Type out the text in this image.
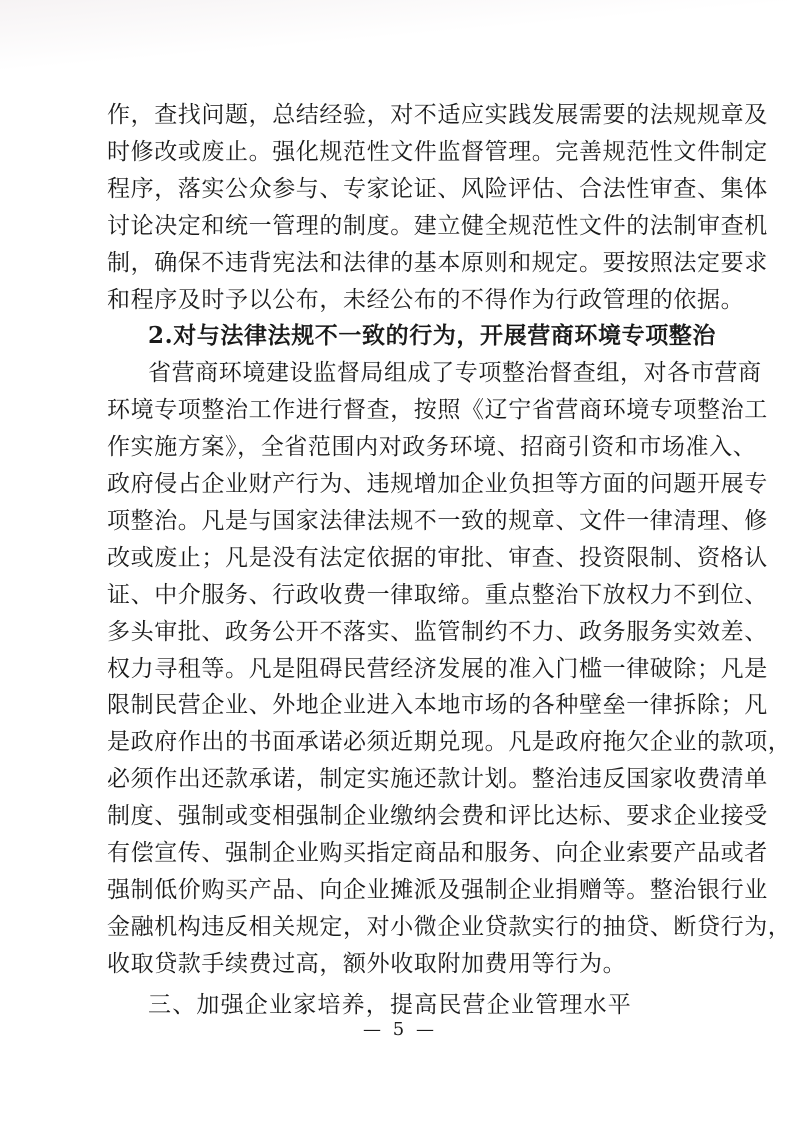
作，查找问题，总结经验，对不适应实践发展需要的法规规章及
时修改或废止。强化规范性文件监督管理。完善规范性文件制定
程序，落实公众参与、专家论证、风险评估、合法性审查、集体
讨论决定和统一管理的制度。建立健全规范性文件的法制审查机
制，确保不违背宪法和法律的基本原则和规定。要按照法定要求
和程序及时予以公布，未经公布的不得作为行政管理的依据。
2.对与法律法规不一致的行为，开展营商环境专项整治
省营商环境建设监督局组成了专项整治督查组，对各市营商
环境专项整治工作进行督查，按照《辽宁省营商环境专项整治工
作实施方案》，全省范围内对政务环境、招商引资和市场准入、
政府侵占企业财产行为、违规增加企业负担等方面的问题开展专
项整治。凡是与国家法律法规不一致的规章、文件一律清理、修
改或废止；凡是没有法定依据的审批、审查、投资限制、资格认
证、中介服务、行政收费一律取缔。重点整治下放权力不到位、
多头审批、政务公开不落实、监管制约不力、政务服务实效差、
权力寻租等。凡是阻碍民营经济发展的准入门槛一律破除；凡是
限制民营企业、外地企业进入本地市场的各种壁垒一律拆除；凡
是政府作出的书面承诺必须近期兑现。凡是政府拖欠企业的款项，
必须作出还款承诺，制定实施还款计划。整治违反国家收费清单
制度、强制或变相强制企业缴纳会费和评比达标、要求企业接受
有偿宣传、强制企业购买指定商品和服务、向企业索要产品或者
强制低价购买产品、向企业摊派及强制企业捐赠等。整治银行业
金融机构违反相关规定，对小微企业贷款实行的抽贷、断贷行为，
收取贷款手续费过高，额外收取附加费用等行为。
三、加强企业家培养，提高民营企业管理水平
— 5 —
